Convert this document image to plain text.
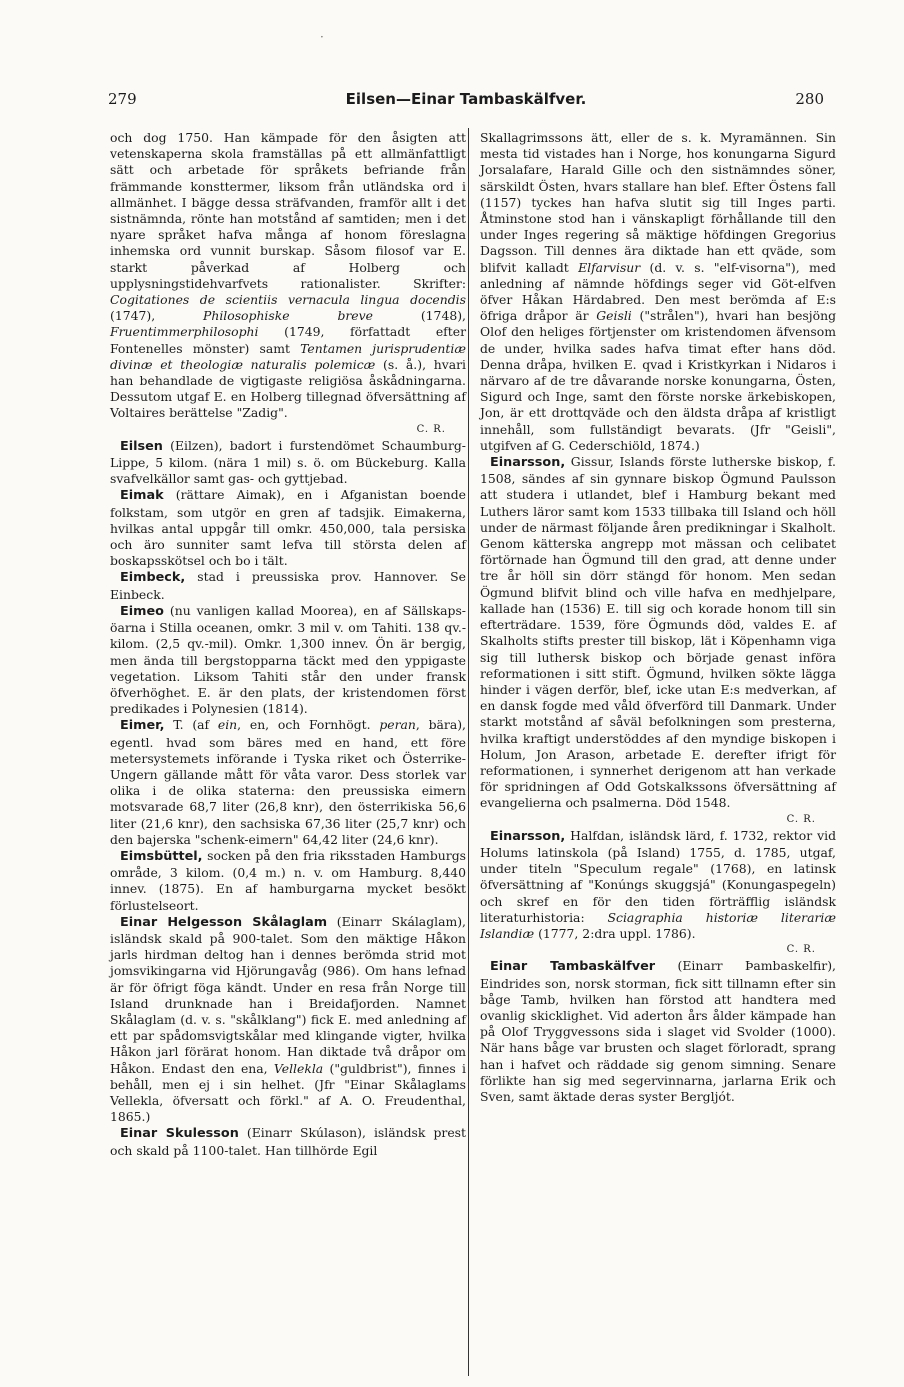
·
279	Eilsen—Einar Tambaskälfver.	280

och dog 1750. Han kämpade för den åsigten att vetenskaperna skola framställas på ett allmänfattligt sätt och arbetade för språkets befriande från främmande konsttermer, liksom från utländska ord i allmänhet. I bägge dessa sträfvanden, framför allt i det sistnämnda, rönte han motstånd af samtiden; men i det nyare språket hafva många af honom föreslagna inhemska ord vunnit burskap. Såsom filosof var E. starkt påverkad af Holberg och upplysningstidehvarfvets rationalister. Skrifter: Cogitationes de scientiis vernacula lingua docendis (1747), Philosophiske breve (1748), Fruentimmerphilosophi (1749, författadt efter Fontenelles mönster) samt Tentamen jurisprudentiæ divinæ et theologiæ naturalis polemicæ (s. å.), hvari han behandlade de vigtigaste religiösa åskådningarna. Dessutom utgaf E. en Holberg tillegnad öfversättning af Voltaires berättelse "Zadig".
C. R.

Eilsen (Eilzen), badort i furstendömet Schaumburg-Lippe, 5 kilom. (nära 1 mil) s. ö. om Bückeburg. Kalla svafvelkällor samt gas- och gyttjebad.

Eimak (rättare Aimak), en i Afganistan boende folkstam, som utgör en gren af tadsjik. Eimakerna, hvilkas antal uppgår till omkr. 450,000, tala persiska och äro sunniter samt lefva till största delen af boskapsskötsel och bo i tält.

Eimbeck, stad i preussiska prov. Hannover. Se Einbeck.

Eimeo (nu vanligen kallad Moorea), en af Sällskaps-öarna i Stilla oceanen, omkr. 3 mil v. om Tahiti. 138 qv.-kilom. (2,5 qv.-mil). Omkr. 1,300 innev. Ön är bergig, men ända till bergstopparna täckt med den yppigaste vegetation. Liksom Tahiti står den under fransk öfverhöghet. E. är den plats, der kristendomen först predikades i Polynesien (1814).

Eimer, T. (af ein, en, och Fornhögt. peran, bära), egentl. hvad som bäres med en hand, ett före metersystemets införande i Tyska riket och Österrike-Ungern gällande mått för våta varor. Dess storlek var olika i de olika staterna: den preussiska eimern motsvarade 68,7 liter (26,8 knr), den österrikiska 56,6 liter (21,6 knr), den sachsiska 67,36 liter (25,7 knr) och den bajerska "schenk-eimern" 64,42 liter (24,6 knr).

Eimsbüttel, socken på den fria riksstaden Hamburgs område, 3 kilom. (0,4 m.) n. v. om Hamburg. 8,440 innev. (1875). En af hamburgarna mycket besökt förlustelseort.

Einar Helgesson Skålaglam (Einarr Skálaglam), isländsk skald på 900-talet. Som den mäktige Håkon jarls hirdman deltog han i dennes berömda strid mot jomsvikingarna vid Hjörungavåg (986). Om hans lefnad är för öfrigt föga kändt. Under en resa från Norge till Island drunknade han i Breidafjorden. Namnet Skålaglam (d. v. s. "skålklang") fick E. med anledning af ett par spådomsvigtskålar med klingande vigter, hvilka Håkon jarl förärat honom. Han diktade två dråpor om Håkon. Endast den ena, Vellekla ("guldbrist"), finnes i behåll, men ej i sin helhet. (Jfr "Einar Skålaglams Vellekla, öfversatt och förkl." af A. O. Freudenthal, 1865.)

Einar Skulesson (Einarr Skúlason), isländsk prest och skald på 1100-talet. Han tillhörde Egil

Skallagrimssons ätt, eller de s. k. Myramännen. Sin mesta tid vistades han i Norge, hos konungarna Sigurd Jorsalafare, Harald Gille och den sistnämndes söner, särskildt Östen, hvars stallare han blef. Efter Östens fall (1157) tyckes han hafva slutit sig till Inges parti. Åtminstone stod han i vänskapligt förhållande till den under Inges regering så mäktige höfdingen Gregorius Dagsson. Till dennes ära diktade han ett qväde, som blifvit kalladt Elfarvisur (d. v. s. "elf-visorna"), med anledning af nämnde höfdings seger vid Göt-elfven öfver Håkan Härdabred. Den mest berömda af E:s öfriga dråpor är Geisli ("strålen"), hvari han besjöng Olof den heliges förtjenster om kristendomen äfvensom de under, hvilka sades hafva timat efter hans död. Denna dråpa, hvilken E. qvad i Kristkyrkan i Nidaros i närvaro af de tre dåvarande norske konungarna, Östen, Sigurd och Inge, samt den förste norske ärkebiskopen, Jon, är ett drottqväde och den äldsta dråpa af kristligt innehåll, som fullständigt bevarats. (Jfr "Geisli", utgifven af G. Cederschiöld, 1874.)

Einarsson, Gissur, Islands förste lutherske biskop, f. 1508, sändes af sin gynnare biskop Ögmund Paulsson att studera i utlandet, blef i Hamburg bekant med Luthers läror samt kom 1533 tillbaka till Island och höll under de närmast följande åren predikningar i Skalholt. Genom kätterska angrepp mot mässan och celibatet förtörnade han Ögmund till den grad, att denne under tre år höll sin dörr stängd för honom. Men sedan Ögmund blifvit blind och ville hafva en medhjelpare, kallade han (1536) E. till sig och korade honom till sin efterträdare. 1539, före Ögmunds död, valdes E. af Skalholts stifts prester till biskop, lät i Köpenhamn viga sig till luthersk biskop och började genast införa reformationen i sitt stift. Ögmund, hvilken sökte lägga hinder i vägen derför, blef, icke utan E:s medverkan, af en dansk fogde med våld öfverförd till Danmark. Under starkt motstånd af såväl befolkningen som presterna, hvilka kraftigt understöddes af den myndige biskopen i Holum, Jon Arason, arbetade E. derefter ifrigt för reformationen, i synnerhet derigenom att han verkade för spridningen af Odd Gotskalkssons öfversättning af evangelierna och psalmerna. Död 1548.
C. R.

Einarsson, Halfdan, isländsk lärd, f. 1732, rektor vid Holums latinskola (på Island) 1755, d. 1785, utgaf, under titeln "Speculum regale" (1768), en latinsk öfversättning af "Konúngs skuggsjá" (Konungaspegeln) och skref en för den tiden förträfflig isländsk literaturhistoria: Sciagraphia historiæ literariæ Islandiæ (1777, 2:dra uppl. 1786).
C. R.

Einar Tambaskälfver (Einarr Þambaskelfir), Eindrides son, norsk storman, fick sitt tillnamn efter sin båge Tamb, hvilken han förstod att handtera med ovanlig skicklighet. Vid aderton års ålder kämpade han på Olof Tryggvessons sida i slaget vid Svolder (1000). När hans båge var brusten och slaget förloradt, sprang han i hafvet och räddade sig genom simning. Senare förlikte han sig med segervinnarna, jarlarna Erik och Sven, samt äktade deras syster Bergljót.
